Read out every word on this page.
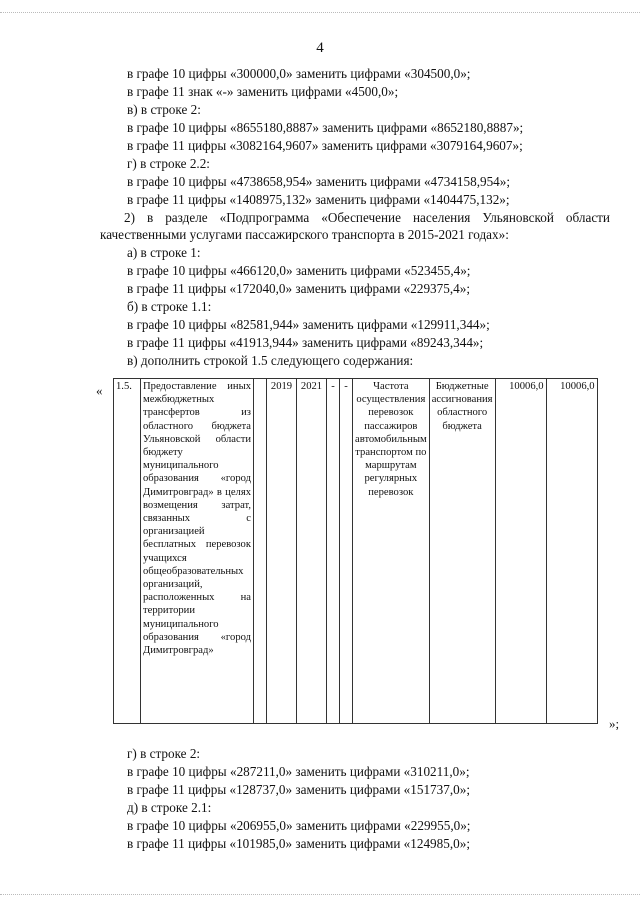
4
в графе 10 цифры «300000,0» заменить цифрами «304500,0»;
в графе 11 знак «-» заменить цифрами «4500,0»;
в) в строке 2:
в графе 10 цифры «8655180,8887» заменить цифрами «8652180,8887»;
в графе 11 цифры «3082164,9607» заменить цифрами «3079164,9607»;
г) в строке 2.2:
в графе 10 цифры «4738658,954» заменить цифрами «4734158,954»;
в графе 11 цифры «1408975,132» заменить цифрами «1404475,132»;
2) в разделе «Подпрограмма «Обеспечение населения Ульяновской области качественными услугами пассажирского транспорта в 2015-2021 годах»:
а) в строке 1:
в графе 10 цифры «466120,0» заменить цифрами «523455,4»;
в графе 11 цифры «172040,0» заменить цифрами «229375,4»;
б) в строке 1.1:
в графе 10 цифры «82581,944» заменить цифрами «129911,344»;
в графе 11 цифры «41913,944» заменить цифрами «89243,344»;
в) дополнить строкой 1.5 следующего содержания:
« 1.5.	Предоставление иных межбюджетных трансфертов из областного бюджета Ульяновской области бюджету муниципального образования «город Димитровград» в целях возмещения затрат, связанных с организацией бесплатных перевозок учащихся общеобразовательных организаций, расположенных на территории муниципального образования «город Димитровград»		2019	2021	-	-	Частота осуществления перевозок пассажиров автомобильным транспортом по маршрутам регулярных перевозок	Бюджетные ассигнования областного бюджета	10006,0	10006,0
»;
г) в строке 2:
в графе 10 цифры «287211,0» заменить цифрами «310211,0»;
в графе 11 цифры «128737,0» заменить цифрами «151737,0»;
д) в строке 2.1:
в графе 10 цифры «206955,0» заменить цифрами «229955,0»;
в графе 11 цифры «101985,0» заменить цифрами «124985,0»;
